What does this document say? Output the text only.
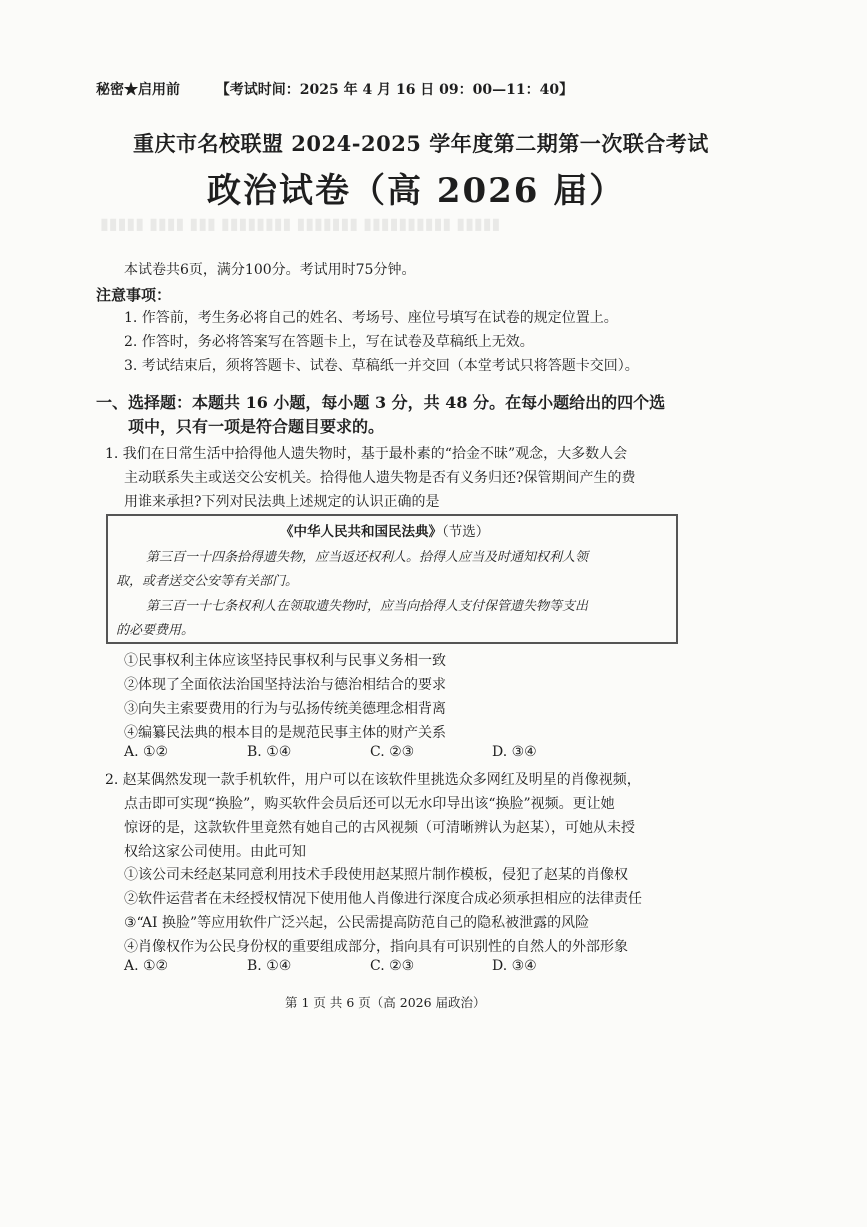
秘密★启用前	【考试时间：2025 年 4 月 16 日 09：00—11：40】
重庆市名校联盟 2024-2025 学年度第二期第一次联合考试
政治试卷（高 2026 届）
▮▮▮▮▮ ▮▮▮▮ ▮▮▮ ▮▮▮▮▮▮▮▮ ▮▮▮▮▮▮▮ ▮▮▮▮▮▮▮▮▮▮ ▮▮▮▮▮
本试卷共6页，满分100分。考试用时75分钟。
注意事项：
1. 作答前，考生务必将自己的姓名、考场号、座位号填写在试卷的规定位置上。
2. 作答时，务必将答案写在答题卡上，写在试卷及草稿纸上无效。
3. 考试结束后，须将答题卡、试卷、草稿纸一并交回（本堂考试只将答题卡交回）。
一、选择题：本题共 16 小题，每小题 3 分，共 48 分。在每小题给出的四个选
项中，只有一项是符合题目要求的。
1. 我们在日常生活中拾得他人遗失物时，基于最朴素的“拾金不昧”观念，大多数人会
主动联系失主或送交公安机关。拾得他人遗失物是否有义务归还?保管期间产生的费
用谁来承担?下列对民法典上述规定的认识正确的是
《中华人民共和国民法典》（节选）
第三百一十四条拾得遗失物，应当返还权利人。拾得人应当及时通知权利人领
取，或者送交公安等有关部门。
第三百一十七条权利人在领取遗失物时，应当向拾得人支付保管遗失物等支出
的必要费用。
①民事权利主体应该坚持民事权利与民事义务相一致
②体现了全面依法治国坚持法治与德治相结合的要求
③向失主索要费用的行为与弘扬传统美德理念相背离
④编纂民法典的根本目的是规范民事主体的财产关系
A. ①②	B. ①④	C. ②③	D. ③④
2. 赵某偶然发现一款手机软件，用户可以在该软件里挑选众多网红及明星的肖像视频，
点击即可实现“换脸”，购买软件会员后还可以无水印导出该“换脸”视频。更让她
惊讶的是，这款软件里竟然有她自己的古风视频（可清晰辨认为赵某），可她从未授
权给这家公司使用。由此可知
①该公司未经赵某同意利用技术手段使用赵某照片制作模板，侵犯了赵某的肖像权
②软件运营者在未经授权情况下使用他人肖像进行深度合成必须承担相应的法律责任
③“AI 换脸”等应用软件广泛兴起，公民需提高防范自己的隐私被泄露的风险
④肖像权作为公民身份权的重要组成部分，指向具有可识别性的自然人的外部形象
A. ①②	B. ①④	C. ②③	D. ③④
第 1 页 共 6 页（高 2026 届政治）
